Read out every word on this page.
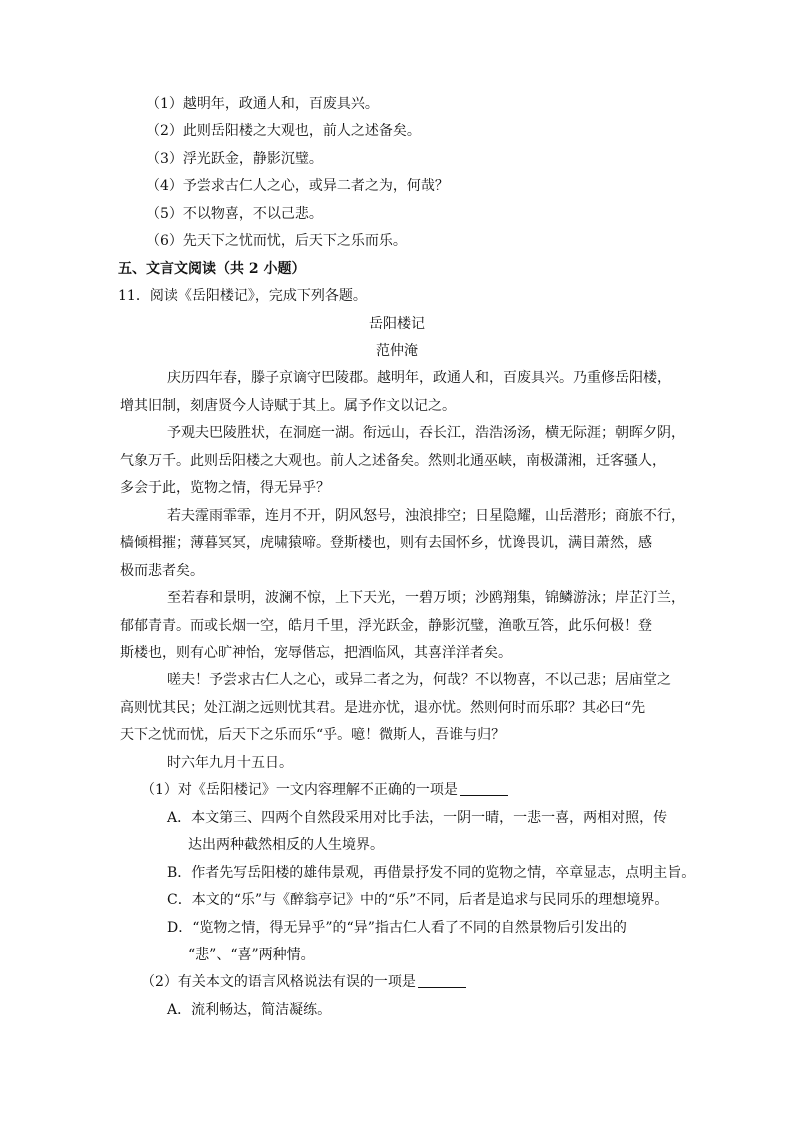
（1）越明年，政通人和，百废具兴。
（2）此则岳阳楼之大观也，前人之述备矣。
（3）浮光跃金，静影沉璧。
（4）予尝求古仁人之心，或异二者之为，何哉？
（5）不以物喜，不以己悲。
（6）先天下之忧而忧，后天下之乐而乐。
五、文言文阅读（共 2 小题）
11．阅读《岳阳楼记》，完成下列各题。
岳阳楼记
范仲淹
庆历四年春，滕子京谪守巴陵郡。越明年，政通人和，百废具兴。乃重修岳阳楼，
增其旧制，刻唐贤今人诗赋于其上。属予作文以记之。
予观夫巴陵胜状，在洞庭一湖。衔远山，吞长江，浩浩汤汤，横无际涯；朝晖夕阴，
气象万千。此则岳阳楼之大观也。前人之述备矣。然则北通巫峡，南极潇湘，迁客骚人，
多会于此，览物之情，得无异乎？
若夫霪雨霏霏，连月不开，阴风怒号，浊浪排空；日星隐耀，山岳潜形；商旅不行，
樯倾楫摧；薄暮冥冥，虎啸猿啼。登斯楼也，则有去国怀乡，忧谗畏讥，满目萧然，感
极而悲者矣。
至若春和景明，波澜不惊，上下天光，一碧万顷；沙鸥翔集，锦鳞游泳；岸芷汀兰，
郁郁青青。而或长烟一空，皓月千里，浮光跃金，静影沉璧，渔歌互答，此乐何极！登
斯楼也，则有心旷神怡，宠辱偕忘，把酒临风，其喜洋洋者矣。
嗟夫！予尝求古仁人之心，或异二者之为，何哉？不以物喜，不以己悲；居庙堂之
高则忧其民；处江湖之远则忧其君。是进亦忧，退亦忧。然则何时而乐耶？其必曰“先
天下之忧而忧，后天下之乐而乐“乎。噫！微斯人，吾谁与归？
时六年九月十五日。
（1）对《岳阳楼记》一文内容理解不正确的一项是
A．本文第三、四两个自然段采用对比手法，一阴一晴，一悲一喜，两相对照，传
达出两种截然相反的人生境界。
B．作者先写岳阳楼的雄伟景观，再借景抒发不同的览物之情，卒章显志，点明主旨。
C．本文的“乐”与《醉翁亭记》中的“乐”不同，后者是追求与民同乐的理想境界。
D．“览物之情，得无异乎”的“异”指古仁人看了不同的自然景物后引发出的
“悲”、“喜”两种情。
（2）有关本文的语言风格说法有误的一项是
A．流利畅达，简洁凝练。
